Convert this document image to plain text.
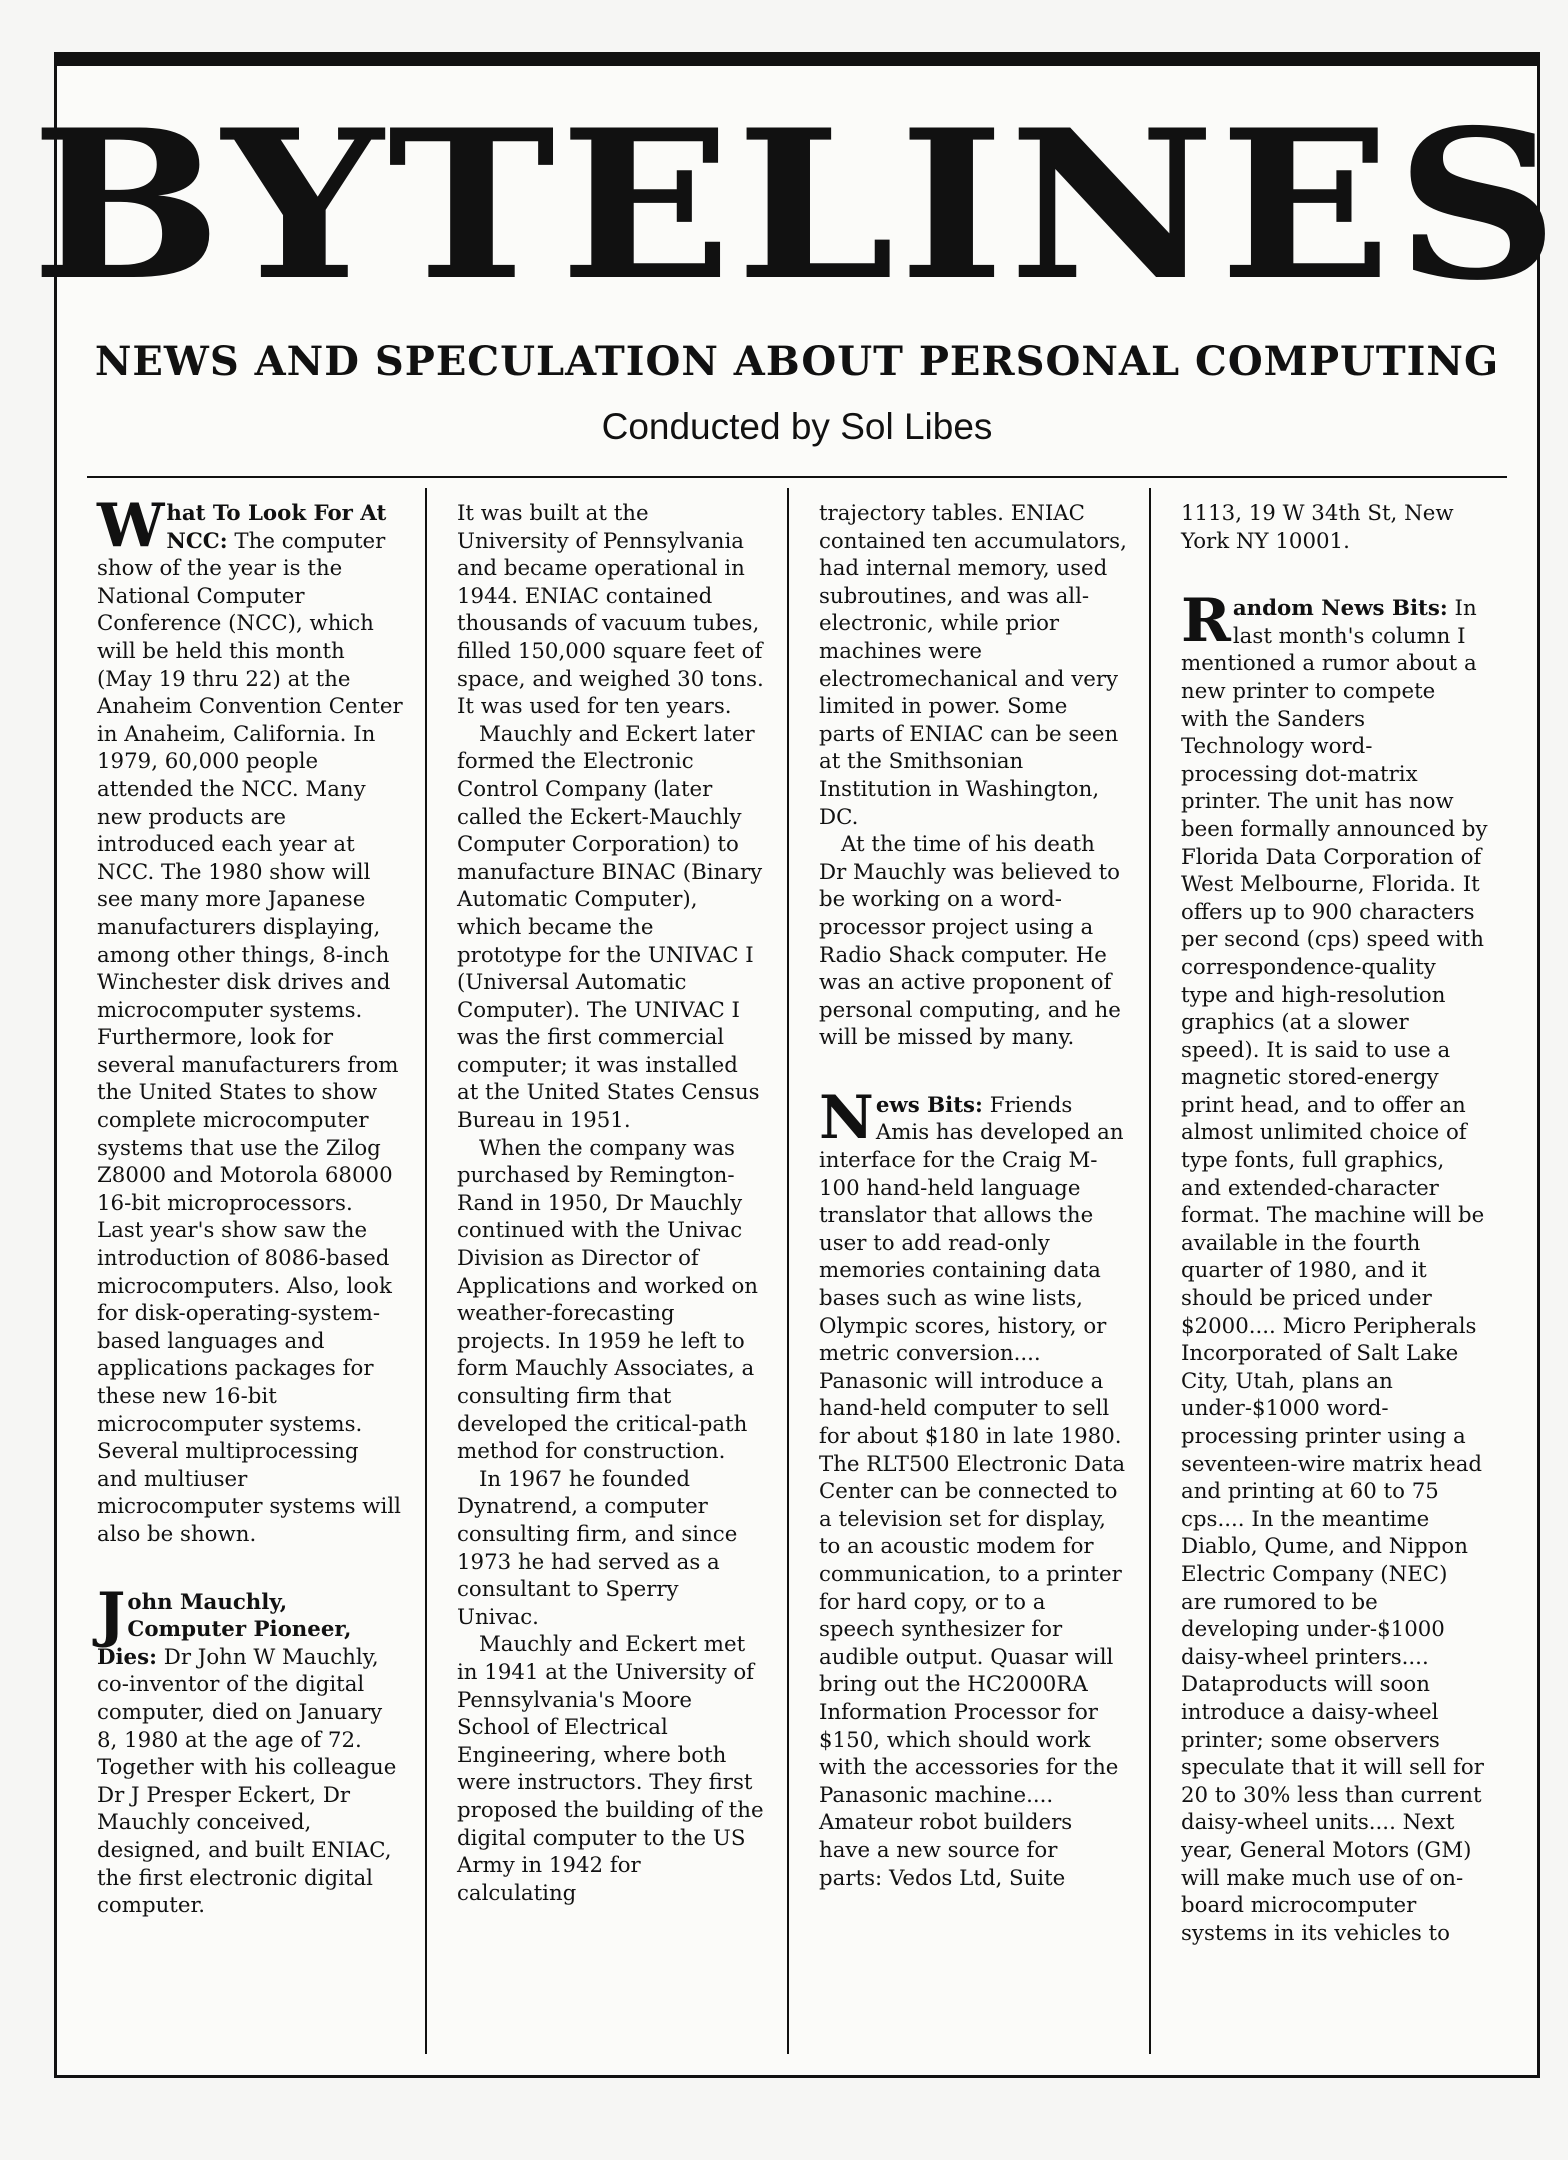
BYTELINES
NEWS AND SPECULATION ABOUT PERSONAL COMPUTING
Conducted by Sol Libes

What To Look For At NCC: The computer show of the year is the National Computer Conference (NCC), which will be held this month (May 19 thru 22) at the Anaheim Convention Center in Anaheim, California. In 1979, 60,000 people attended the NCC. Many new products are introduced each year at NCC. The 1980 show will see many more Japanese manufacturers displaying, among other things, 8-inch Winchester disk drives and microcomputer systems. Furthermore, look for several manufacturers from the United States to show complete microcomputer systems that use the Zilog Z8000 and Motorola 68000 16-bit microprocessors. Last year's show saw the introduction of 8086-based microcomputers. Also, look for disk-operating-system-based languages and applications packages for these new 16-bit microcomputer systems. Several multiprocessing and multiuser microcomputer systems will also be shown.

John Mauchly, Computer Pioneer, Dies: Dr John W Mauchly, co-inventor of the digital computer, died on January 8, 1980 at the age of 72. Together with his colleague Dr J Presper Eckert, Dr Mauchly conceived, designed, and built ENIAC, the first electronic digital computer.

It was built at the University of Pennsylvania and became operational in 1944. ENIAC contained thousands of vacuum tubes, filled 150,000 square feet of space, and weighed 30 tons. It was used for ten years.

Mauchly and Eckert later formed the Electronic Control Company (later called the Eckert-Mauchly Computer Corporation) to manufacture BINAC (Binary Automatic Computer), which became the prototype for the UNIVAC I (Universal Automatic Computer). The UNIVAC I was the first commercial computer; it was installed at the United States Census Bureau in 1951.

When the company was purchased by Remington-Rand in 1950, Dr Mauchly continued with the Univac Division as Director of Applications and worked on weather-forecasting projects. In 1959 he left to form Mauchly Associates, a consulting firm that developed the critical-path method for construction.

In 1967 he founded Dynatrend, a computer consulting firm, and since 1973 he had served as a consultant to Sperry Univac.

Mauchly and Eckert met in 1941 at the University of Pennsylvania's Moore School of Electrical Engineering, where both were instructors. They first proposed the building of the digital computer to the US Army in 1942 for calculating

trajectory tables. ENIAC contained ten accumulators, had internal memory, used subroutines, and was all-electronic, while prior machines were electromechanical and very limited in power. Some parts of ENIAC can be seen at the Smithsonian Institution in Washington, DC.

At the time of his death Dr Mauchly was believed to be working on a word-processor project using a Radio Shack computer. He was an active proponent of personal computing, and he will be missed by many.

News Bits: Friends Amis has developed an interface for the Craig M-100 hand-held language translator that allows the user to add read-only memories containing data bases such as wine lists, Olympic scores, history, or metric conversion.... Panasonic will introduce a hand-held computer to sell for about $180 in late 1980. The RLT500 Electronic Data Center can be connected to a television set for display, to an acoustic modem for communication, to a printer for hard copy, or to a speech synthesizer for audible output. Quasar will bring out the HC2000RA Information Processor for $150, which should work with the accessories for the Panasonic machine.... Amateur robot builders have a new source for parts: Vedos Ltd, Suite

1113, 19 W 34th St, New York NY 10001.

Random News Bits: In last month's column I mentioned a rumor about a new printer to compete with the Sanders Technology word-processing dot-matrix printer. The unit has now been formally announced by Florida Data Corporation of West Melbourne, Florida. It offers up to 900 characters per second (cps) speed with correspondence-quality type and high-resolution graphics (at a slower speed). It is said to use a magnetic stored-energy print head, and to offer an almost unlimited choice of type fonts, full graphics, and extended-character format. The machine will be available in the fourth quarter of 1980, and it should be priced under $2000.... Micro Peripherals Incorporated of Salt Lake City, Utah, plans an under-$1000 word-processing printer using a seventeen-wire matrix head and printing at 60 to 75 cps.... In the meantime Diablo, Qume, and Nippon Electric Company (NEC) are rumored to be developing under-$1000 daisy-wheel printers.... Dataproducts will soon introduce a daisy-wheel printer; some observers speculate that it will sell for 20 to 30% less than current daisy-wheel units.... Next year, General Motors (GM) will make much use of on-board microcomputer systems in its vehicles to
